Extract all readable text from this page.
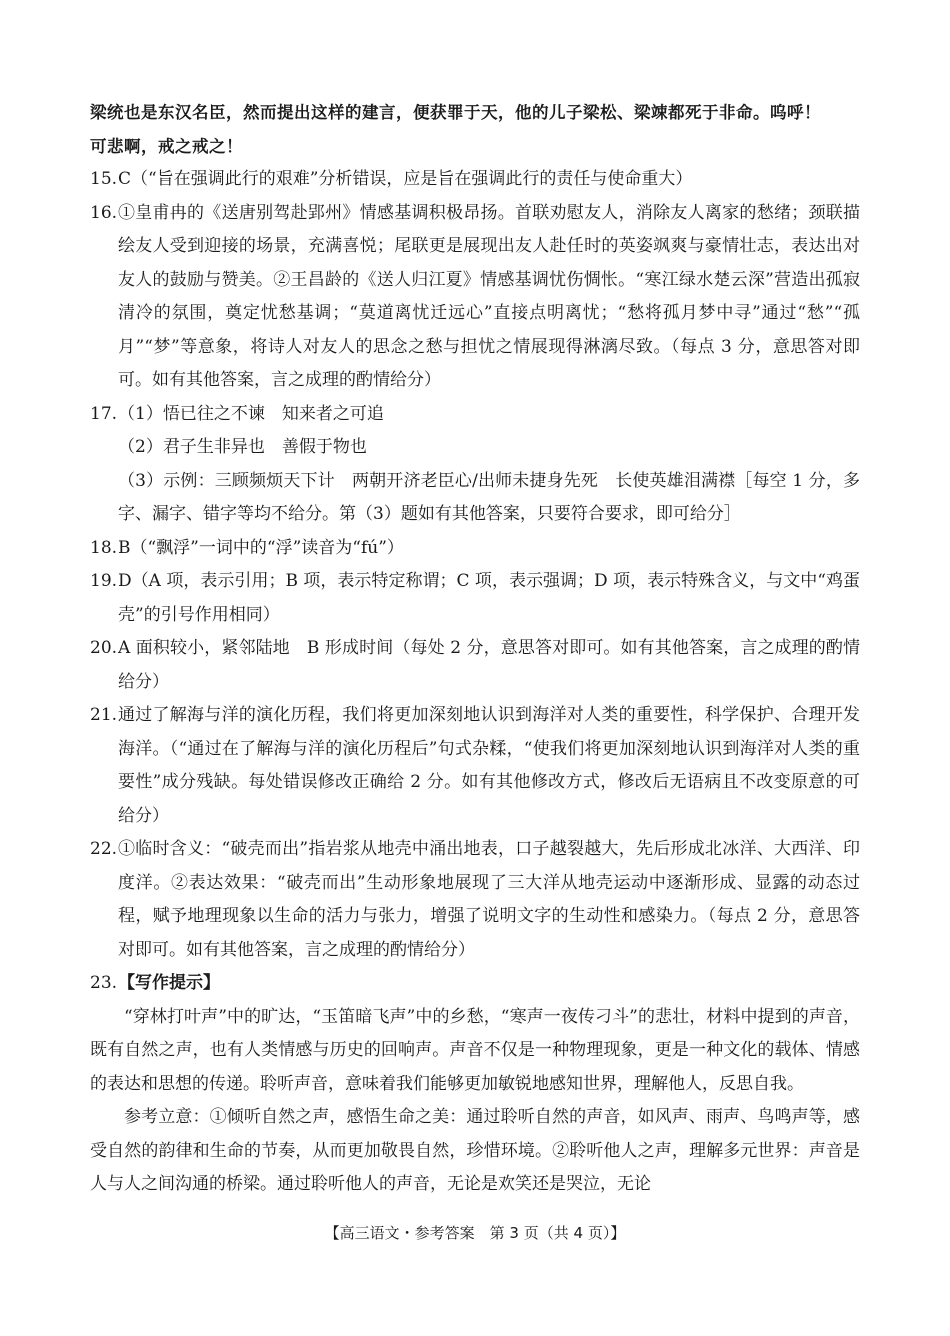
梁统也是东汉名臣，然而提出这样的建言，便获罪于天，他的儿子梁松、梁竦都死于非命。呜呼！

可悲啊，戒之戒之！

15. C（“旨在强调此行的艰难”分析错误，应是旨在强调此行的责任与使命重大）

16. ①皇甫冉的《送唐别驾赴郢州》情感基调积极昂扬。首联劝慰友人，消除友人离家的愁绪；颈联描绘友人受到迎接的场景，充满喜悦；尾联更是展现出友人赴任时的英姿飒爽与豪情壮志，表达出对友人的鼓励与赞美。②王昌龄的《送人归江夏》情感基调忧伤惆怅。“寒江绿水楚云深”营造出孤寂清冷的氛围，奠定忧愁基调；“莫道离忧迁远心”直接点明离忧；“愁将孤月梦中寻”通过“愁”“孤月”“梦”等意象，将诗人对友人的思念之愁与担忧之情展现得淋漓尽致。（每点 3 分，意思答对即可。如有其他答案，言之成理的酌情给分）

17. （1）悟已往之不谏　知来者之可追

（2）君子生非异也　善假于物也

（3）示例：三顾频烦天下计　两朝开济老臣心/出师未捷身先死　长使英雄泪满襟［每空 1 分，多字、漏字、错字等均不给分。第（3）题如有其他答案，只要符合要求，即可给分］

18. B（“飘浮”一词中的“浮”读音为“fú”）

19. D（A 项，表示引用；B 项，表示特定称谓；C 项，表示强调；D 项，表示特殊含义，与文中“鸡蛋壳”的引号作用相同）

20. A 面积较小，紧邻陆地　B 形成时间（每处 2 分，意思答对即可。如有其他答案，言之成理的酌情给分）

21. 通过了解海与洋的演化历程，我们将更加深刻地认识到海洋对人类的重要性，科学保护、合理开发海洋。（“通过在了解海与洋的演化历程后”句式杂糅，“使我们将更加深刻地认识到海洋对人类的重要性”成分残缺。每处错误修改正确给 2 分。如有其他修改方式，修改后无语病且不改变原意的可给分）

22. ①临时含义：“破壳而出”指岩浆从地壳中涌出地表，口子越裂越大，先后形成北冰洋、大西洋、印度洋。②表达效果：“破壳而出”生动形象地展现了三大洋从地壳运动中逐渐形成、显露的动态过程，赋予地理现象以生命的活力与张力，增强了说明文字的生动性和感染力。（每点 2 分，意思答对即可。如有其他答案，言之成理的酌情给分）

23. 【写作提示】

“穿林打叶声”中的旷达，“玉笛暗飞声”中的乡愁，“寒声一夜传刁斗”的悲壮，材料中提到的声音，既有自然之声，也有人类情感与历史的回响声。声音不仅是一种物理现象，更是一种文化的载体、情感的表达和思想的传递。聆听声音，意味着我们能够更加敏锐地感知世界，理解他人，反思自我。

参考立意：①倾听自然之声，感悟生命之美：通过聆听自然的声音，如风声、雨声、鸟鸣声等，感受自然的韵律和生命的节奏，从而更加敬畏自然，珍惜环境。②聆听他人之声，理解多元世界：声音是人与人之间沟通的桥梁。通过聆听他人的声音，无论是欢笑还是哭泣，无论

【高三语文・参考答案　第 3 页（共 4 页）】
